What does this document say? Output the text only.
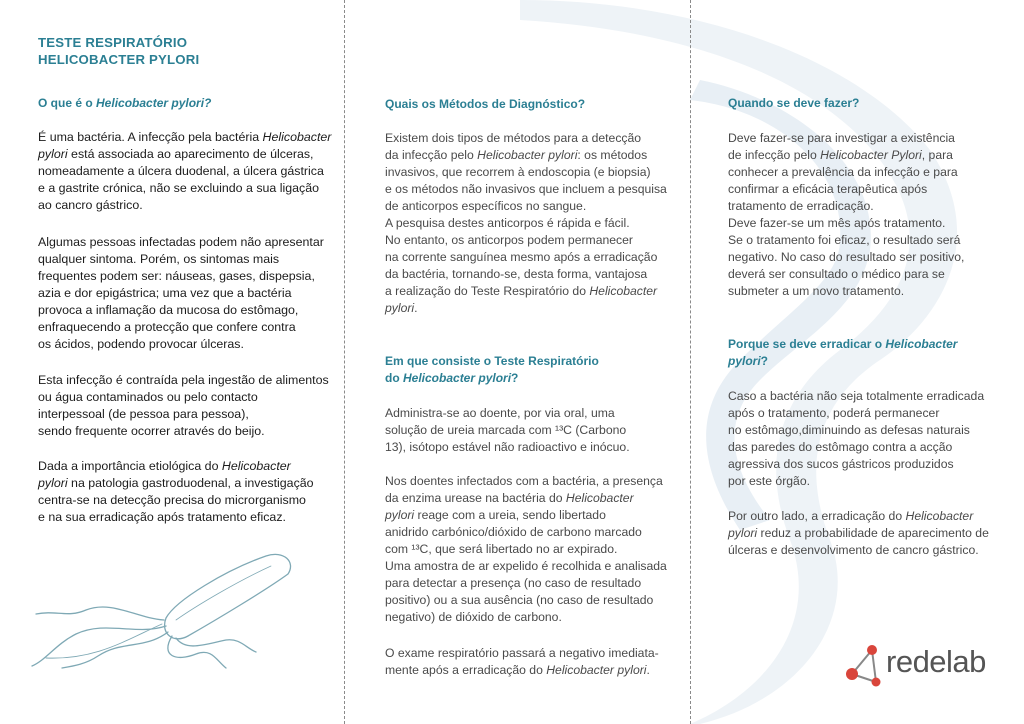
TESTE RESPIRATÓRIO
HELICOBACTER PYLORI
O que é o Helicobacter pylori?

É uma bactéria. A infecção pela bactéria Helicobacter
pylori está associada ao aparecimento de úlceras,
nomeadamente a úlcera duodenal, a úlcera gástrica
e a gastrite crónica, não se excluindo a sua ligação
ao cancro gástrico.

Algumas pessoas infectadas podem não apresentar
qualquer sintoma. Porém, os sintomas mais
frequentes podem ser: náuseas, gases, dispepsia,
azia e dor epigástrica; uma vez que a bactéria
provoca a inflamação da mucosa do estômago,
enfraquecendo a protecção que confere contra
os ácidos, podendo provocar úlceras.

Esta infecção é contraída pela ingestão de alimentos
ou água contaminados ou pelo contacto
interpessoal (de pessoa para pessoa),
sendo frequente ocorrer através do beijo.

Dada a importância etiológica do Helicobacter
pylori na patologia gastroduodenal, a investigação
centra-se na detecção precisa do microrganismo
e na sua erradicação após tratamento eficaz.

Quais os Métodos de Diagnóstico?

Existem dois tipos de métodos para a detecção
da infecção pelo Helicobacter pylori: os métodos
invasivos, que recorrem à endoscopia (e biopsia)
e os métodos não invasivos que incluem a pesquisa
de anticorpos específicos no sangue.
A pesquisa destes anticorpos é rápida e fácil.
No entanto, os anticorpos podem permanecer
na corrente sanguínea mesmo após a erradicação
da bactéria, tornando-se, desta forma, vantajosa
a realização do Teste Respiratório do Helicobacter
pylori.

Em que consiste o Teste Respiratório
do Helicobacter pylori?

Administra-se ao doente, por via oral, uma
solução de ureia marcada com ¹³C (Carbono
13), isótopo estável não radioactivo e inócuo.

Nos doentes infectados com a bactéria, a presença
da enzima urease na bactéria do Helicobacter
pylori reage com a ureia, sendo libertado
anidrido carbónico/dióxido de carbono marcado
com ¹³C, que será libertado no ar expirado.
Uma amostra de ar expelido é recolhida e analisada
para detectar a presença (no caso de resultado
positivo) ou a sua ausência (no caso de resultado
negativo) de dióxido de carbono.

O exame respiratório passará a negativo imediata-
mente após a erradicação do Helicobacter pylori.

Quando se deve fazer?

Deve fazer-se para investigar a existência
de infecção pelo Helicobacter Pylori, para
conhecer a prevalência da infecção e para
confirmar a eficácia terapêutica após
tratamento de erradicação.
Deve fazer-se um mês após tratamento.
Se o tratamento foi eficaz, o resultado será
negativo. No caso do resultado ser positivo,
deverá ser consultado o médico para se
submeter a um novo tratamento.

Porque se deve erradicar o Helicobacter
pylori?

Caso a bactéria não seja totalmente erradicada
após o tratamento, poderá permanecer
no estômago,diminuindo as defesas naturais
das paredes do estômago contra a acção
agressiva dos sucos gástricos produzidos
por este órgão.

Por outro lado, a erradicação do Helicobacter
pylori reduz a probabilidade de aparecimento de
úlceras e desenvolvimento de cancro gástrico.

redelab
